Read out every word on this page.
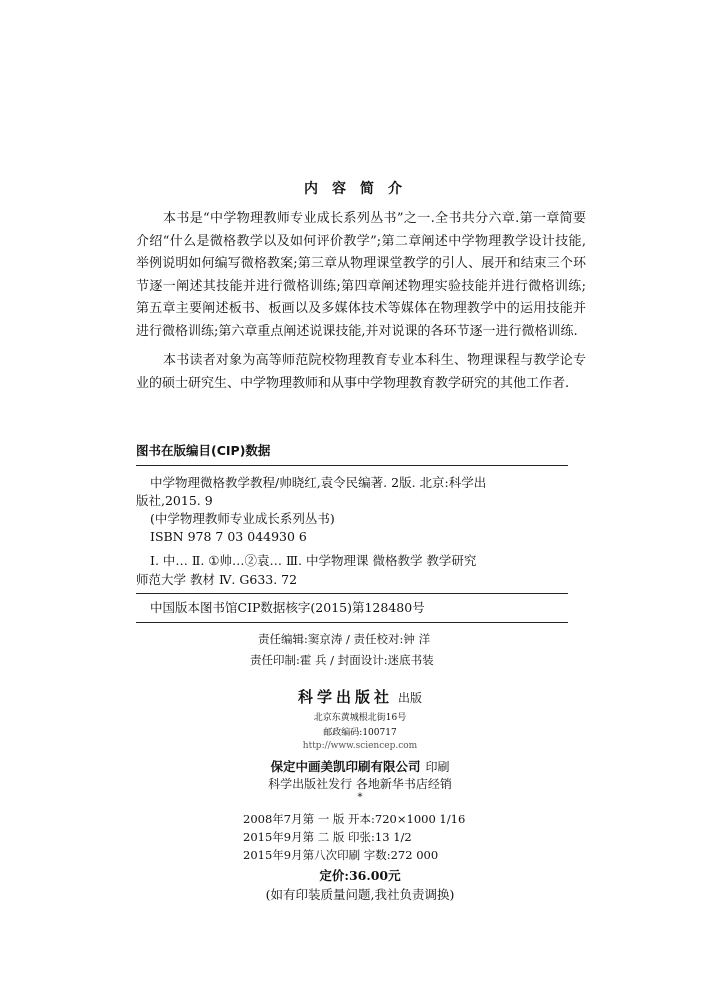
内容简介

本书是“中学物理教师专业成长系列丛书”之一.全书共分六章.第一章简要介绍“什么是微格教学以及如何评价教学”;第二章阐述中学物理教学设计技能,举例说明如何编写微格教案;第三章从物理课堂教学的引人、展开和结束三个环节逐一阐述其技能并进行微格训练;第四章阐述物理实验技能并进行微格训练;第五章主要阐述板书、板画以及多媒体技术等媒体在物理教学中的运用技能并进行微格训练;第六章重点阐述说课技能,并对说课的各环节逐一进行微格训练.

本书读者对象为高等师范院校物理教育专业本科生、物理课程与教学论专业的硕士研究生、中学物理教师和从事中学物理教育教学研究的其他工作者.

图书在版编目(CIP)数据
中学物理微格教学教程/帅晓红,袁令民编著. 2版. 北京:科学出
版社,2015. 9
(中学物理教师专业成长系列丛书)
ISBN 978 7 03 044930 6
Ⅰ. 中… Ⅱ. ①帅…②袁… Ⅲ. 中学物理课 微格教学 教学研究
师范大学 教材 Ⅳ. G633. 72
中国版本图书馆CIP数据核字(2015)第128480号
责任编辑:窦京涛 / 责任校对:钟 洋
责任印制:霍 兵 / 封面设计:迷底书装
科学出版社 出版
北京东黄城根北街16号
邮政编码:100717
http://www.sciencep.com
保定中画美凯印刷有限公司 印刷
科学出版社发行 各地新华书店经销
*
2008年7月第 一 版 开本:720×1000 1/16
2015年9月第 二 版 印张:13 1/2
2015年9月第八次印刷 字数:272 000
定价:36.00元
(如有印装质量问题,我社负责调换)
